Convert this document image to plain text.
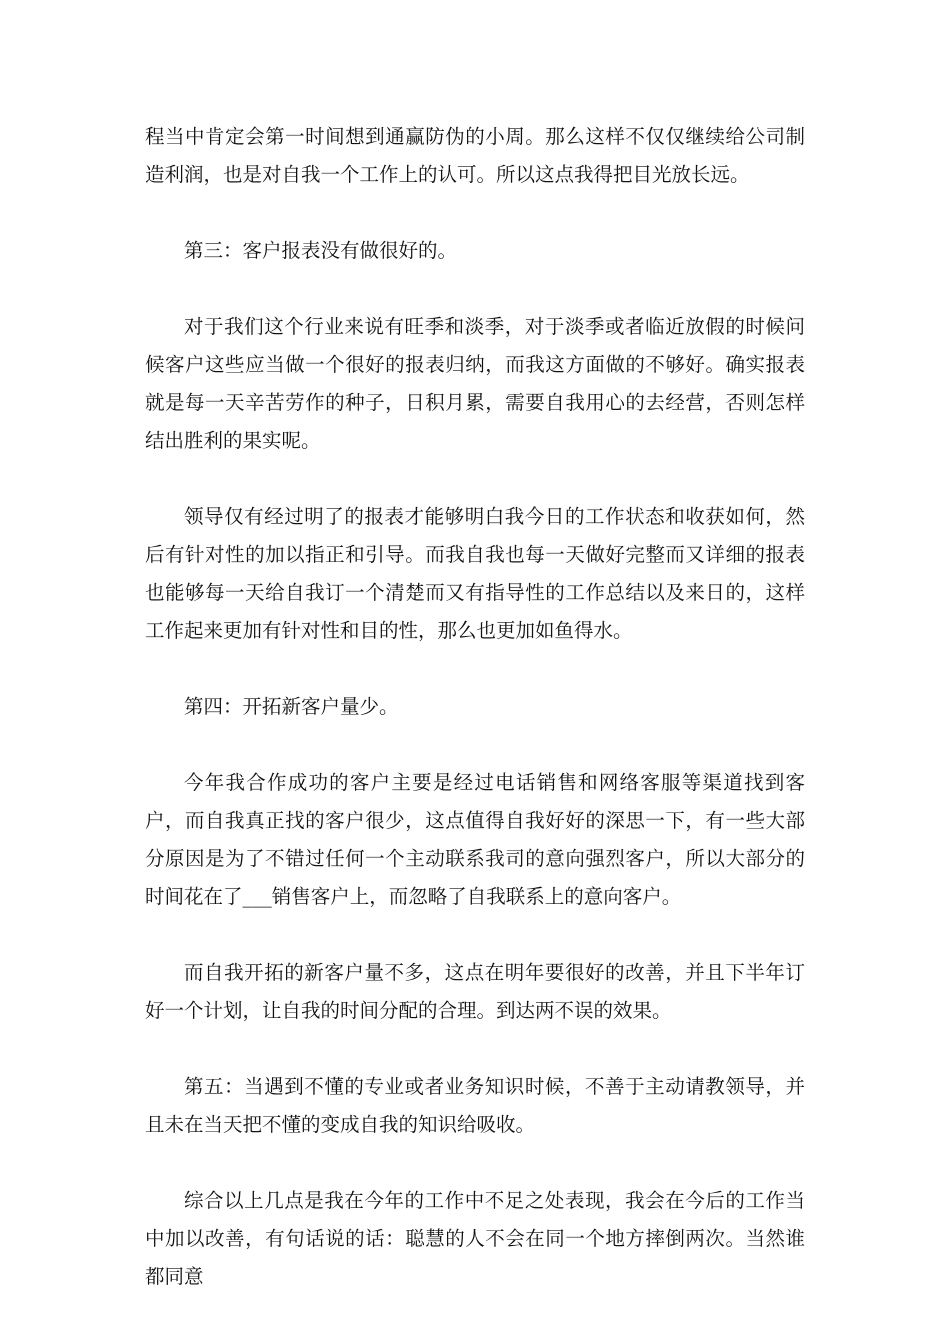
程当中肯定会第一时间想到通赢防伪的小周。那么这样不仅仅继续给公司制造利润，也是对自我一个工作上的认可。所以这点我得把目光放长远。

第三：客户报表没有做很好的。

对于我们这个行业来说有旺季和淡季，对于淡季或者临近放假的时候问候客户这些应当做一个很好的报表归纳，而我这方面做的不够好。确实报表就是每一天辛苦劳作的种子，日积月累，需要自我用心的去经营，否则怎样结出胜利的果实呢。

领导仅有经过明了的报表才能够明白我今日的工作状态和收获如何，然后有针对性的加以指正和引导。而我自我也每一天做好完整而又详细的报表也能够每一天给自我订一个清楚而又有指导性的工作总结以及来日的，这样工作起来更加有针对性和目的性，那么也更加如鱼得水。

第四：开拓新客户量少。

今年我合作成功的客户主要是经过电话销售和网络客服等渠道找到客户，而自我真正找的客户很少，这点值得自我好好的深思一下，有一些大部分原因是为了不错过任何一个主动联系我司的意向强烈客户，所以大部分的时间花在了___销售客户上，而忽略了自我联系上的意向客户。

而自我开拓的新客户量不多，这点在明年要很好的改善，并且下半年订好一个计划，让自我的时间分配的合理。到达两不误的效果。

第五：当遇到不懂的专业或者业务知识时候，不善于主动请教领导，并且未在当天把不懂的变成自我的知识给吸收。

综合以上几点是我在今年的工作中不足之处表现，我会在今后的工作当中加以改善，有句话说的话：聪慧的人不会在同一个地方摔倒两次。当然谁都同意
